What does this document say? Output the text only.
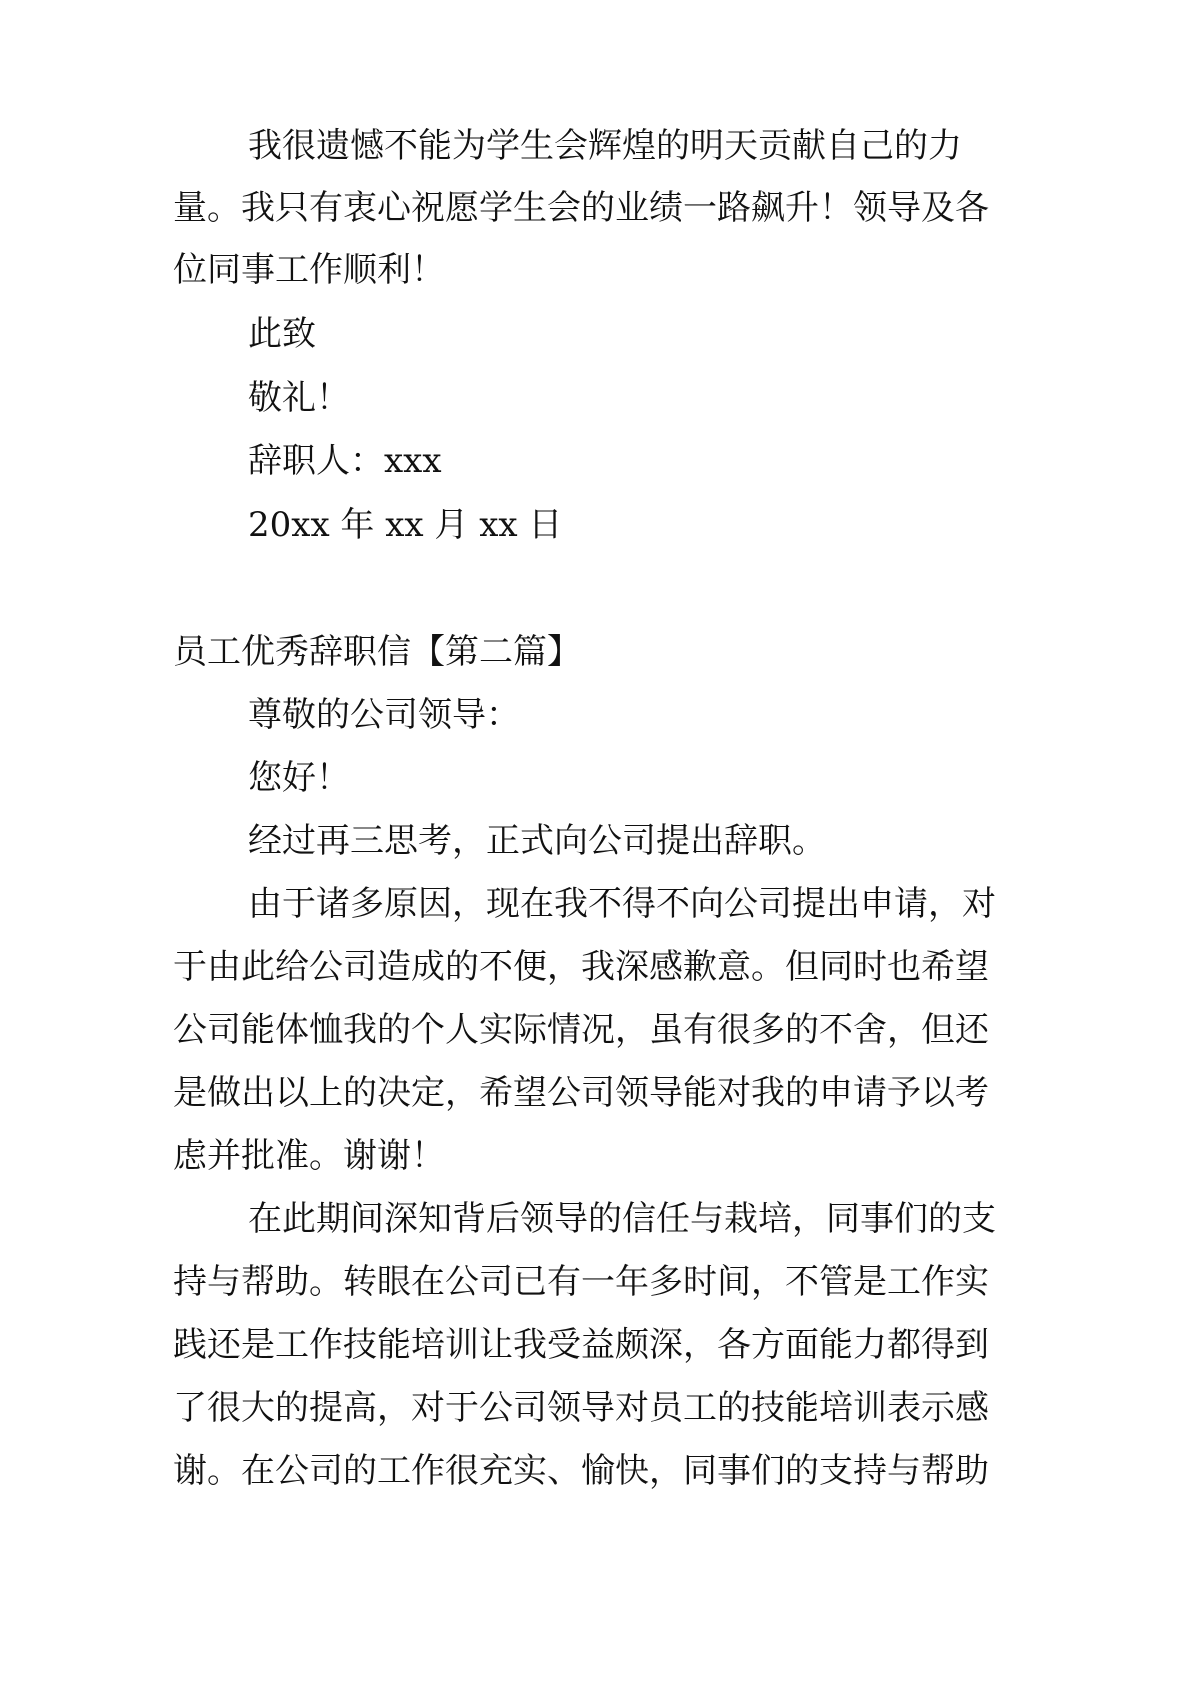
我很遗憾不能为学生会辉煌的明天贡献自己的力
量。我只有衷心祝愿学生会的业绩一路飙升！领导及各
位同事工作顺利！
此致
敬礼！
辞职人：xxx
20xx 年 xx 月 xx 日
员工优秀辞职信【第二篇】
尊敬的公司领导：
您好！
经过再三思考，正式向公司提出辞职。
由于诸多原因，现在我不得不向公司提出申请，对
于由此给公司造成的不便，我深感歉意。但同时也希望
公司能体恤我的个人实际情况，虽有很多的不舍，但还
是做出以上的决定，希望公司领导能对我的申请予以考
虑并批准。谢谢！
在此期间深知背后领导的信任与栽培，同事们的支
持与帮助。转眼在公司已有一年多时间，不管是工作实
践还是工作技能培训让我受益颇深，各方面能力都得到
了很大的提高，对于公司领导对员工的技能培训表示感
谢。在公司的工作很充实、愉快，同事们的支持与帮助
